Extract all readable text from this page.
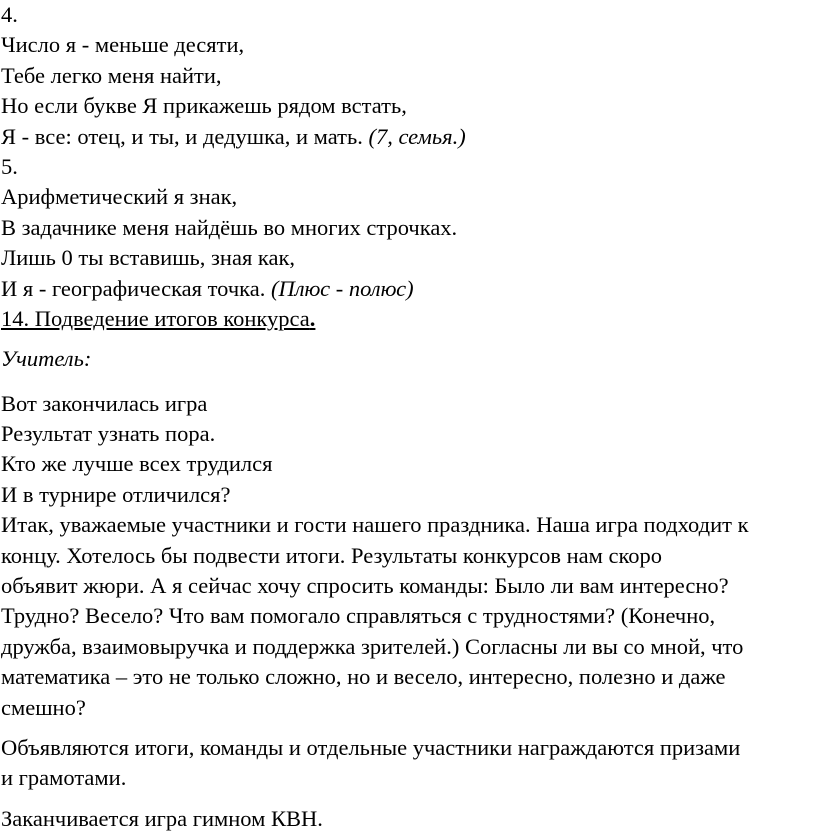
4.
Число я - меньше десяти,
Тебе легко меня найти,
Но если букве Я прикажешь рядом встать,
Я - все: отец, и ты, и дедушка, и мать. (7, семья.)
5.
Арифметический я знак,
В задачнике меня найдёшь во многих строчках.
Лишь 0 ты вставишь, зная как,
И я - географическая точка. (Плюс - полюс)
14. Подведение итогов конкурса.
Учитель:
Вот закончилась игра
Результат узнать пора.
Кто же лучше всех трудился
И в турнире отличился?
Итак, уважаемые участники и гости нашего праздника. Наша игра подходит к
концу. Хотелось бы подвести итоги. Результаты конкурсов нам скоро
объявит жюри. А я сейчас хочу спросить команды: Было ли вам интересно?
Трудно? Весело? Что вам помогало справляться с трудностями? (Конечно,
дружба, взаимовыручка и поддержка зрителей.) Согласны ли вы со мной, что
математика – это не только сложно, но и весело, интересно, полезно и даже
смешно?
Объявляются итоги, команды и отдельные участники награждаются призами
и грамотами.
Заканчивается игра гимном КВН.
